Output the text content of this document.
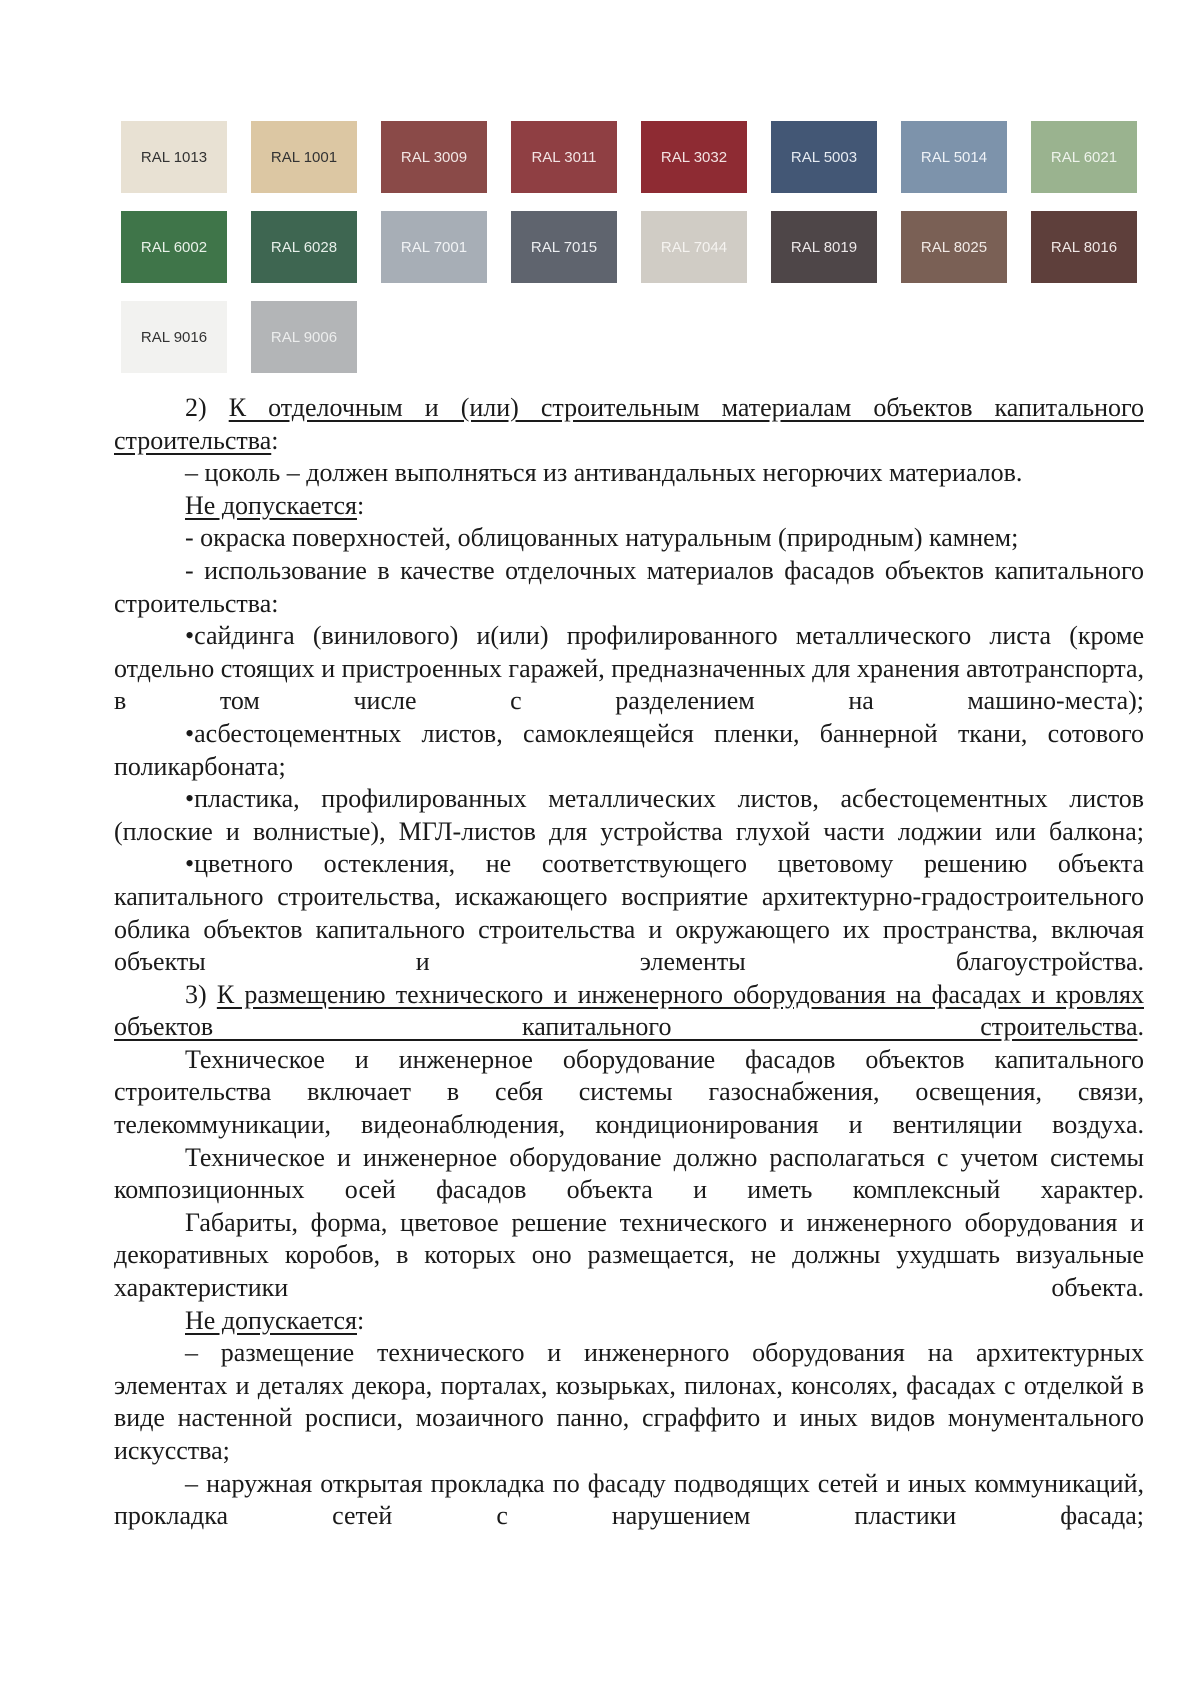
RAL 1013	RAL 1001	RAL 3009	RAL 3011	RAL 3032	RAL 5003	RAL 5014	RAL 6021
RAL 6002	RAL 6028	RAL 7001	RAL 7015	RAL 7044	RAL 8019	RAL 8025	RAL 8016
RAL 9016	RAL 9006

2) К отделочным и (или) строительным материалам объектов капитального строительства:

– цоколь – должен выполняться из антивандальных негорючих материалов.

Не допускается:

- окраска поверхностей, облицованных натуральным (природным) камнем;

- использование в качестве отделочных материалов фасадов объектов капитального строительства:

•сайдинга (винилового) и(или) профилированного металлического листа (кроме отдельно стоящих и пристроенных гаражей, предназначенных для хранения автотранспорта, в том числе с разделением на машино-места);

•асбестоцементных листов, самоклеящейся пленки, баннерной ткани, сотового поликарбоната;

•пластика, профилированных металлических листов, асбестоцементных листов (плоские и волнистые), МГЛ-листов для устройства глухой части лоджии или балкона;

•цветного остекления, не соответствующего цветовому решению объекта капитального строительства, искажающего восприятие архитектурно-градостроительного облика объектов капитального строительства и окружающего их пространства, включая объекты и элементы благоустройства.

3) К размещению технического и инженерного оборудования на фасадах и кровлях объектов капитального строительства.

Техническое и инженерное оборудование фасадов объектов капитального строительства включает в себя системы газоснабжения, освещения, связи, телекоммуникации, видеонаблюдения, кондиционирования и вентиляции воздуха.

Техническое и инженерное оборудование должно располагаться с учетом системы композиционных осей фасадов объекта и иметь комплексный характер.

Габариты, форма, цветовое решение технического и инженерного оборудования и декоративных коробов, в которых оно размещается, не должны ухудшать визуальные характеристики объекта.

Не допускается:

– размещение технического и инженерного оборудования на архитектурных элементах и деталях декора, порталах, козырьках, пилонах, консолях, фасадах с отделкой в виде настенной росписи, мозаичного панно, сграффито и иных видов монументального искусства;

– наружная открытая прокладка по фасаду подводящих сетей и иных коммуникаций, прокладка сетей с нарушением пластики фасада;
